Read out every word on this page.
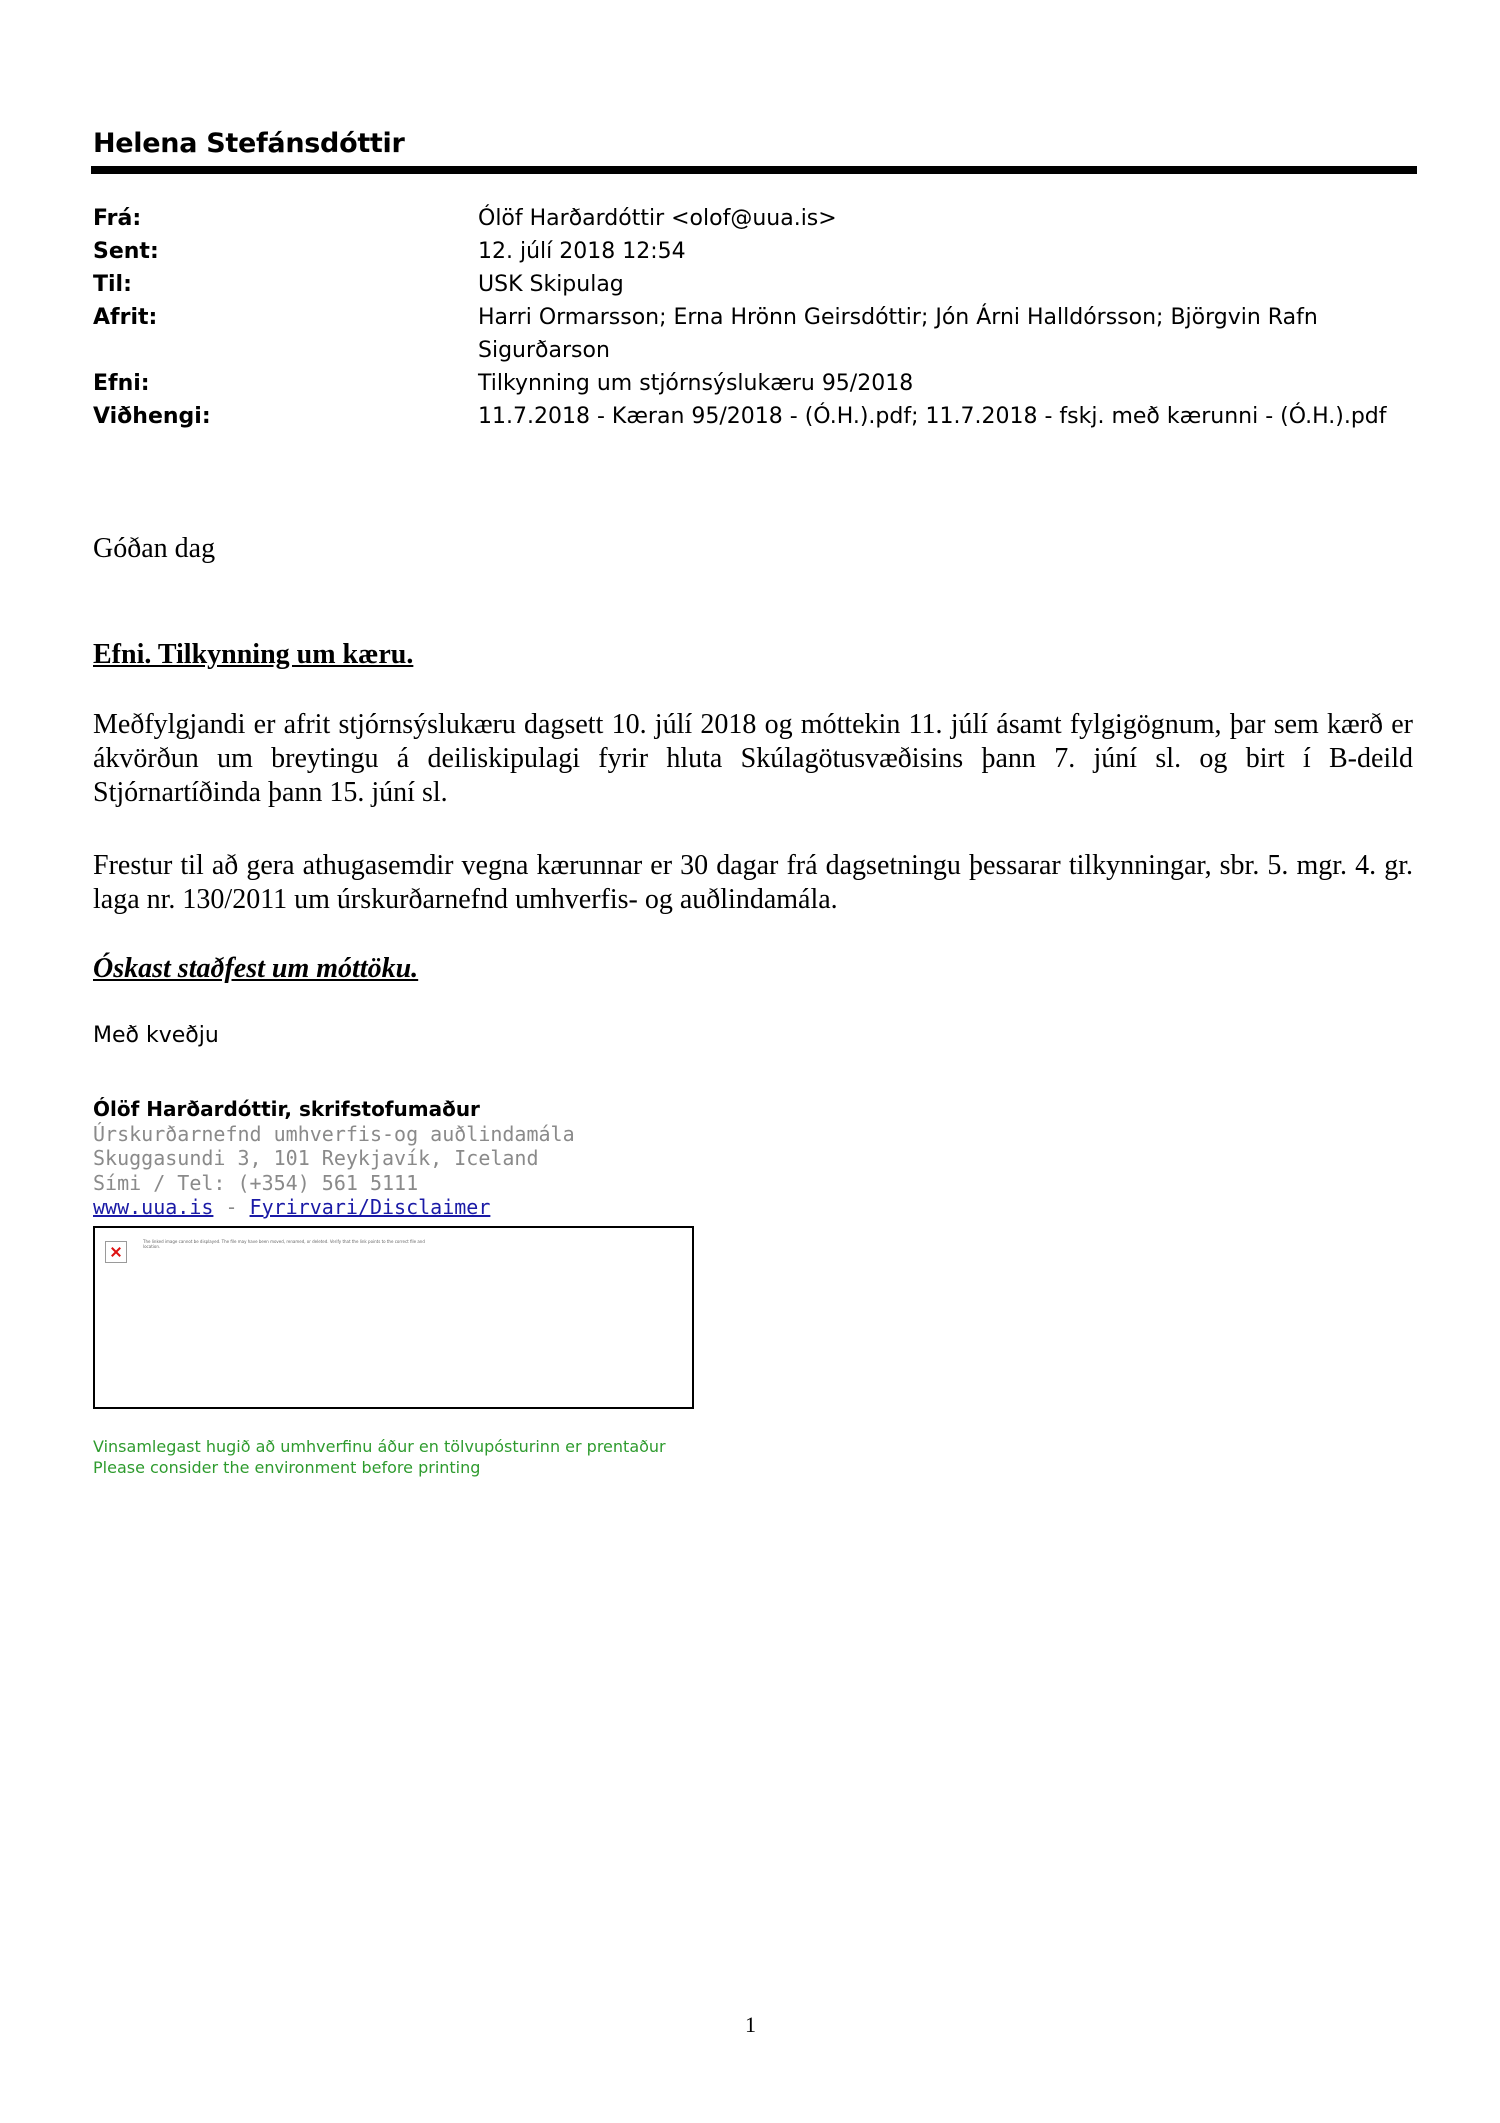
Helena Stefánsdóttir
Frá:	Ólöf Harðardóttir <olof@uua.is>
Sent:	12. júlí 2018 12:54
Til:	USK Skipulag
Afrit:	Harri Ormarsson; Erna Hrönn Geirsdóttir; Jón Árni Halldórsson; Björgvin Rafn
Sigurðarson
Efni:	Tilkynning um stjórnsýslukæru 95/2018
Viðhengi:	11.7.2018 - Kæran 95/2018 - (Ó.H.).pdf; 11.7.2018 - fskj. með kærunni - (Ó.H.).pdf
Góðan dag
Efni. Tilkynning um kæru.

Meðfylgjandi er afrit stjórnsýslukæru dagsett 10. júlí 2018 og móttekin 11. júlí ásamt fylgigögnum, þar sem kærð er ákvörðun um breytingu á deiliskipulagi fyrir hluta Skúlagötusvæðisins þann 7. júní sl. og birt í B-deild Stjórnartíðinda þann 15. júní sl.

Frestur til að gera athugasemdir vegna kærunnar er 30 dagar frá dagsetningu þessarar tilkynningar, sbr. 5. mgr. 4. gr. laga nr. 130/2011 um úrskurðarnefnd umhverfis- og auðlindamála.

Óskast staðfest um móttöku.
Með kveðju
Ólöf Harðardóttir, skrifstofumaður
Úrskurðarnefnd umhverfis-og auðlindamála
Skuggasundi 3, 101 Reykjavík, Iceland
Sími / Tel: (+354) 561 5111
www.uua.is - Fyrirvari/Disclaimer
The linked image cannot be displayed. The file may have been moved, renamed, or deleted. Verify that the link points to the correct file and location.
Vinsamlegast hugið að umhverfinu áður en tölvupósturinn er prentaður
Please consider the environment before printing
1
